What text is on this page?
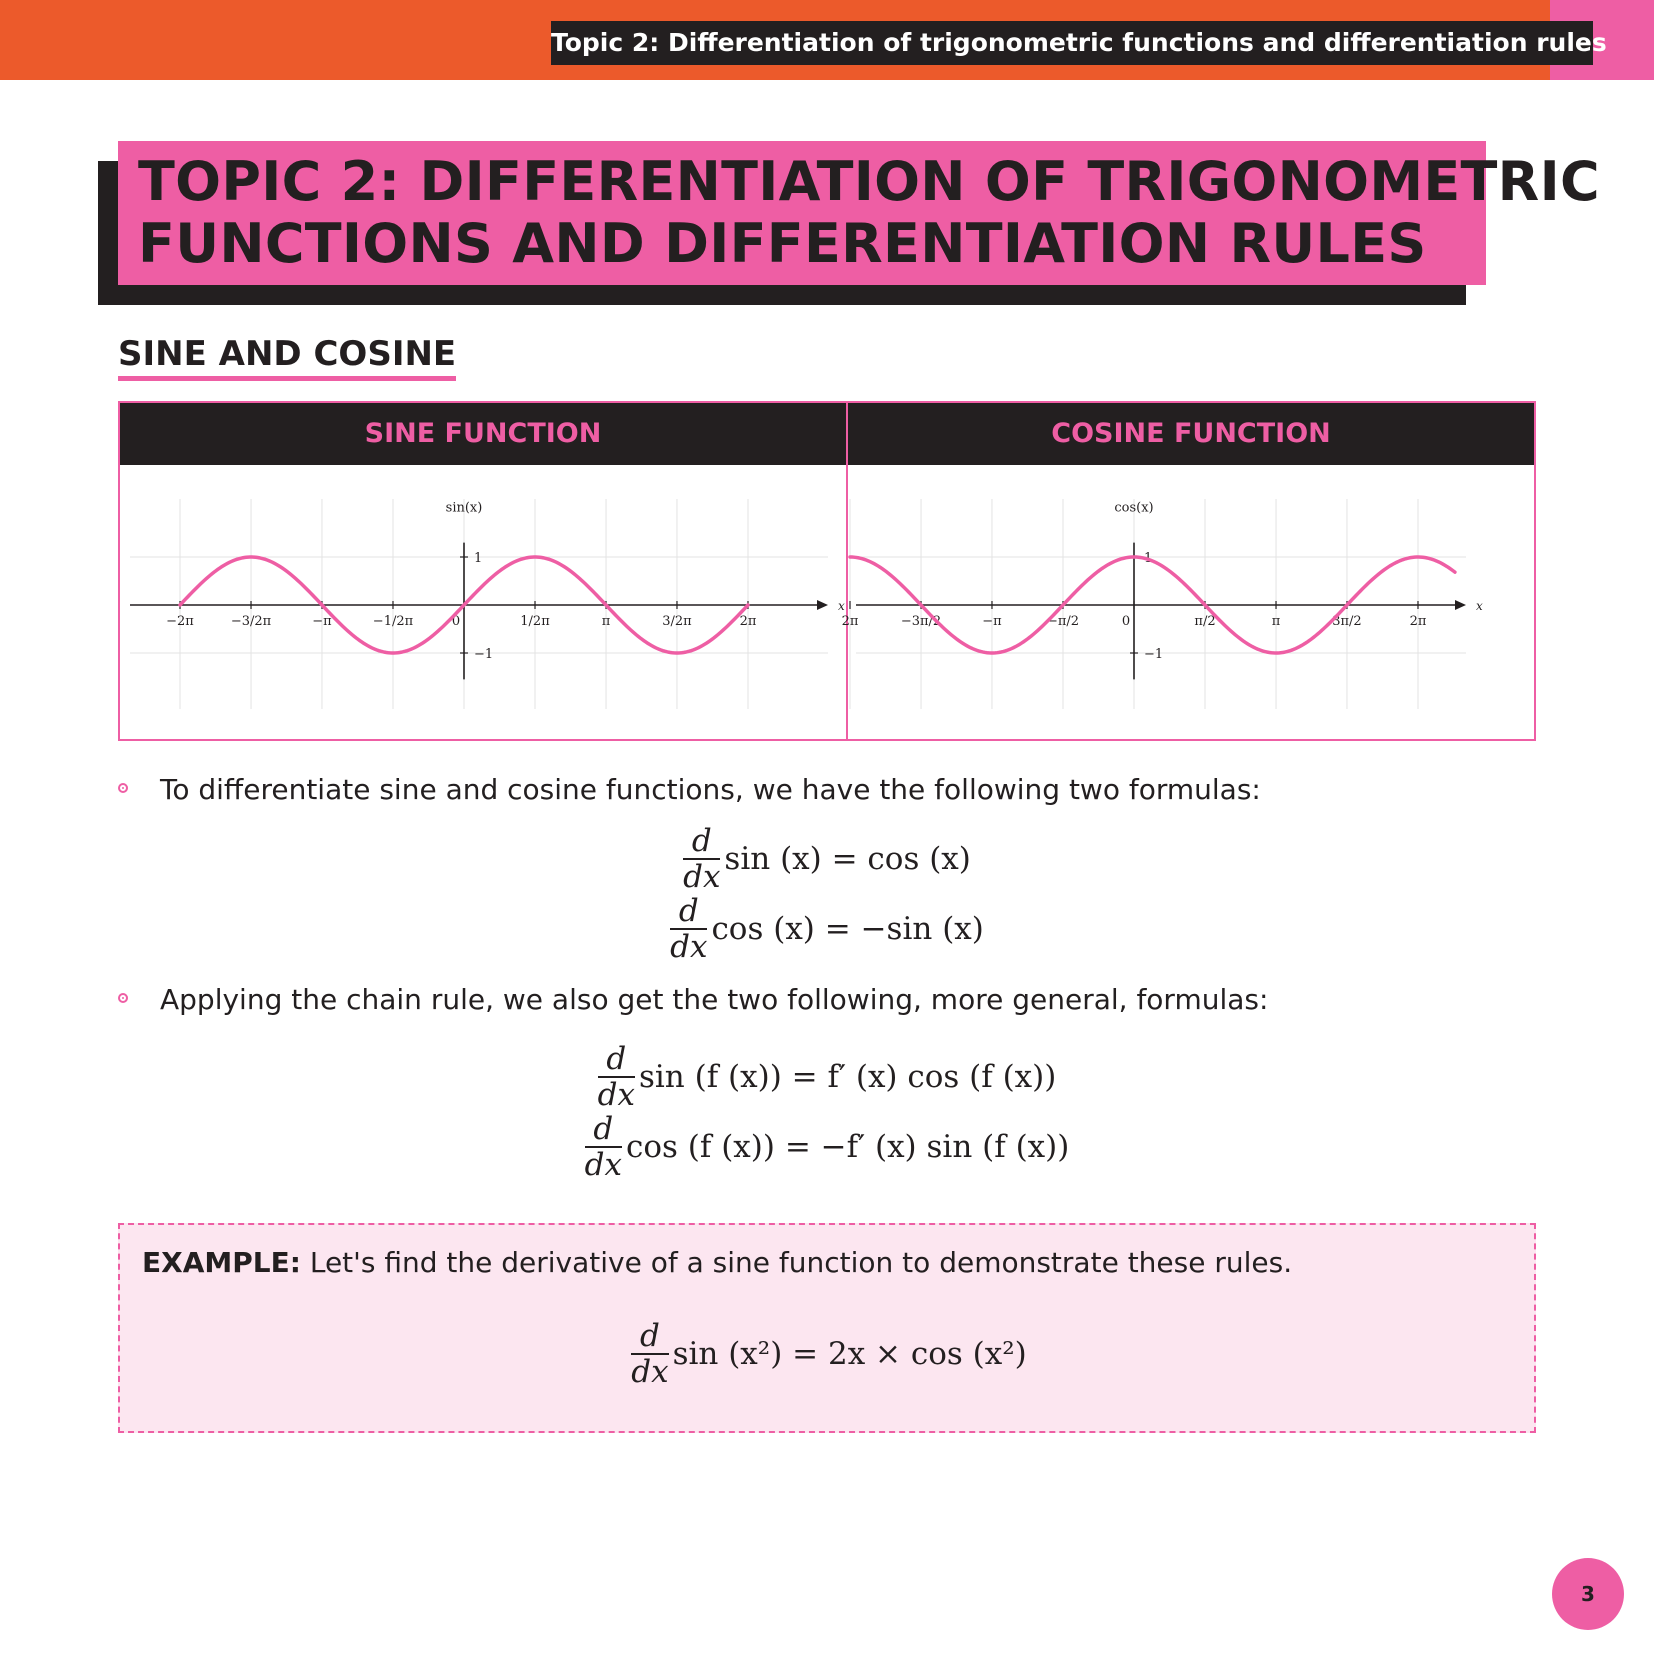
Topic 2: Differentiation of trigonometric functions and differentiation rules
TOPIC 2: DIFFERENTIATION OF TRIGONOMETRIC
FUNCTIONS AND DIFFERENTIATION RULES
SINE AND COSINE
SINE FUNCTION	COSINE FUNCTION
x
sin(x)
1
−1
−2π	−3/2π	−π	−1/2π	0	1/2π	π	3/2π	2π
x
cos(x)
1
−1
2π	−3π/2	−π	−π/2	0	π/2	π	3π/2	2π
To differentiate sine and cosine functions, we have the following two formulas:
$\frac{d}{dx}$ sin (x) = cos (x)
$\frac{d}{dx}$ cos (x) = −sin (x)
Applying the chain rule, we also get the two following, more general, formulas:
$\frac{d}{dx}$ sin (f (x)) = f′ (x) cos (f (x))
$\frac{d}{dx}$ cos (f (x)) = −f′ (x) sin (f (x))
EXAMPLE: Let's find the derivative of a sine function to demonstrate these rules.
$\frac{d}{dx}$ sin (x²) = 2x × cos (x²)
3
